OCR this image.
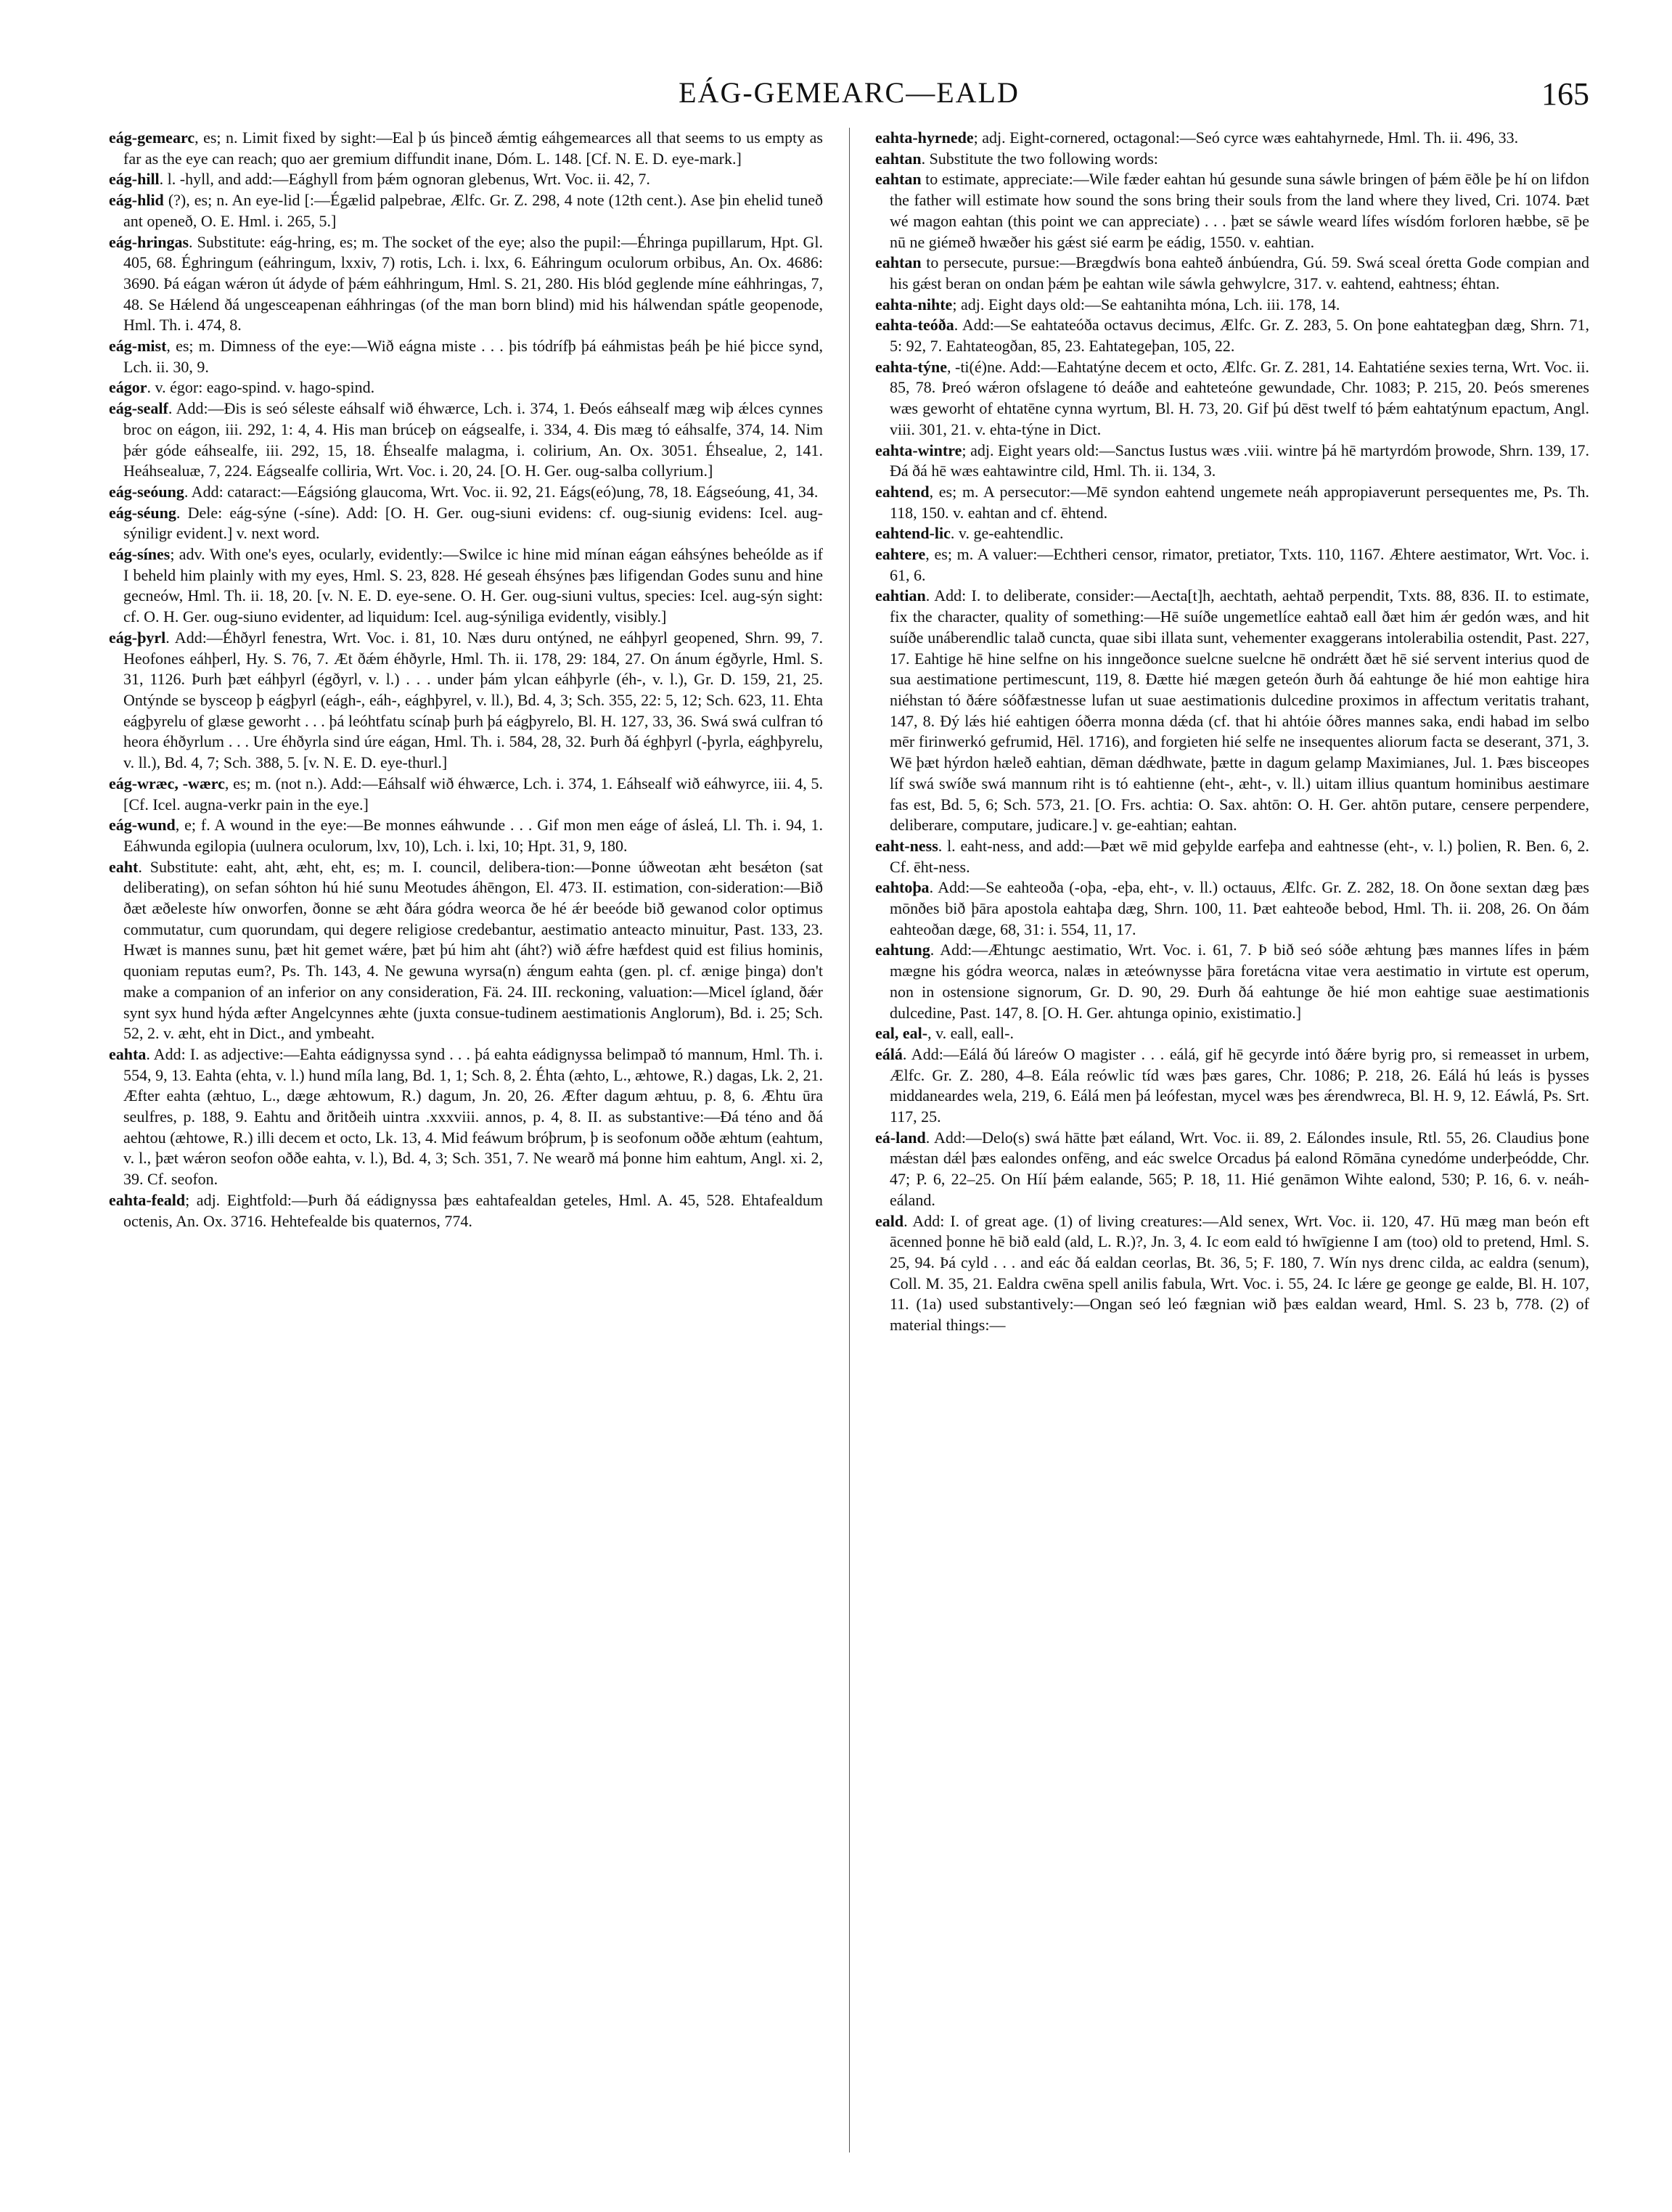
EÁG-GEMEARC—EALD	165

eág-gemearc, es; n. Limit fixed by sight:—Eal þ ús þinceð ǽmtig eáhgemearces all that seems to us empty as far as the eye can reach; quo aer gremium diffundit inane, Dóm. L. 148. [Cf. N. E. D. eye-mark.]

eág-hill. l. -hyll, and add:—Eághyll from þǽm ognoran glebenus, Wrt. Voc. ii. 42, 7.

eág-hlid (?), es; n. An eye-lid [:—Égælid palpebrae, Ælfc. Gr. Z. 298, 4 note (12th cent.). Ase þin ehelid tuneð ant openeð, O. E. Hml. i. 265, 5.]

eág-hringas. Substitute: eág-hring, es; m. The socket of the eye; also the pupil:—Éhringa pupillarum, Hpt. Gl. 405, 68. Éghringum (eáhringum, lxxiv, 7) rotis, Lch. i. lxx, 6. Eáhringum oculorum orbibus, An. Ox. 4686: 3690. Þá eágan wǽron út ádyde of þǽm eáhhringum, Hml. S. 21, 280. His blód geglende míne eáhhringas, 7, 48. Se Hǽlend ðá ungesceapenan eáhhringas (of the man born blind) mid his hálwendan spátle geopenode, Hml. Th. i. 474, 8.

eág-mist, es; m. Dimness of the eye:—Wið eágna miste . . . þis tódrífþ þá eáhmistas þeáh þe hié þicce synd, Lch. ii. 30, 9.

eágor. v. égor: eago-spind. v. hago-spind.

eág-sealf. Add:—Ðis is seó séleste eáhsalf wið éhwærce, Lch. i. 374, 1. Ðeós eáhsealf mæg wiþ ǽlces cynnes broc on eágon, iii. 292, 1: 4, 4. His man brúceþ on eágsealfe, i. 334, 4. Ðis mæg tó eáhsalfe, 374, 14. Nim þǽr góde eáhsealfe, iii. 292, 15, 18. Éhsealfe malagma, i. colirium, An. Ox. 3051. Éhsealue, 2, 141. Heáhsealuæ, 7, 224. Eágsealfe colliria, Wrt. Voc. i. 20, 24. [O. H. Ger. oug-salba collyrium.]

eág-seóung. Add: cataract:—Eágsióng glaucoma, Wrt. Voc. ii. 92, 21. Eágs(eó)ung, 78, 18. Eágseóung, 41, 34.

eág-séung. Dele: eág-sýne (-síne). Add: [O. H. Ger. oug-siuni evidens: cf. oug-siunig evidens: Icel. aug-sýniligr evident.] v. next word.

eág-sínes; adv. With one's eyes, ocularly, evidently:—Swilce ic hine mid mínan eágan eáhsýnes beheólde as if I beheld him plainly with my eyes, Hml. S. 23, 828. Hé geseah éhsýnes þæs lifigendan Godes sunu and hine gecneów, Hml. Th. ii. 18, 20. [v. N. E. D. eye-sene. O. H. Ger. oug-siuni vultus, species: Icel. aug-sýn sight: cf. O. H. Ger. oug-siuno evidenter, ad liquidum: Icel. aug-sýniliga evidently, visibly.]

eág-þyrl. Add:—Éhðyrl fenestra, Wrt. Voc. i. 81, 10. Næs duru ontýned, ne eáhþyrl geopened, Shrn. 99, 7. Heofones eáhþerl, Hy. S. 76, 7. Æt ðǽm éhðyrle, Hml. Th. ii. 178, 29: 184, 27. On ánum égðyrle, Hml. S. 31, 1126. Þurh þæt eáhþyrl (égðyrl, v. l.) . . . under þám ylcan eáhþyrle (éh-, v. l.), Gr. D. 159, 21, 25. Ontýnde se bysceop þ eágþyrl (eágh-, eáh-, eághþyrel, v. ll.), Bd. 4, 3; Sch. 355, 22: 5, 12; Sch. 623, 11. Ehta eágþyrelu of glæse geworht . . . þá leóhtfatu scínaþ þurh þá eágþyrelo, Bl. H. 127, 33, 36. Swá swá culfran tó heora éhðyrlum . . . Ure éhðyrla sind úre eágan, Hml. Th. i. 584, 28, 32. Þurh ðá éghþyrl (-þyrla, eághþyrelu, v. ll.), Bd. 4, 7; Sch. 388, 5. [v. N. E. D. eye-thurl.]

eág-wræc, -wærc, es; m. (not n.). Add:—Eáhsalf wið éhwærce, Lch. i. 374, 1. Eáhsealf wið eáhwyrce, iii. 4, 5. [Cf. Icel. augna-verkr pain in the eye.]

eág-wund, e; f. A wound in the eye:—Be monnes eáhwunde . . . Gif mon men eáge of ásleá, Ll. Th. i. 94, 1. Eáhwunda egilopia (uulnera oculorum, lxv, 10), Lch. i. lxi, 10; Hpt. 31, 9, 180.

eaht. Substitute: eaht, aht, æht, eht, es; m. I. council, delibera-tion:—Þonne úðweotan æht besǽton (sat deliberating), on sefan sóhton hú hié sunu Meotudes áhēngon, El. 473. II. estimation, con-sideration:—Bið ðæt æðeleste híw onworfen, ðonne se æht ðára gódra weorca ðe hé ǽr beeóde bið gewanod color optimus commutatur, cum quorundam, qui degere religiose credebantur, aestimatio anteacto minuitur, Past. 133, 23. Hwæt is mannes sunu, þæt hit gemet wǽre, þæt þú him aht (áht?) wið ǽfre hæfdest quid est filius hominis, quoniam reputas eum?, Ps. Th. 143, 4. Ne gewuna wyrsa(n) ǽngum eahta (gen. pl. cf. ænige þinga) don't make a companion of an inferior on any consideration, Fä. 24. III. reckoning, valuation:—Micel ígland, ðǽr synt syx hund hýda æfter Angelcynnes æhte (juxta consue-tudinem aestimationis Anglorum), Bd. i. 25; Sch. 52, 2. v. æht, eht in Dict., and ymbeaht.

eahta. Add: I. as adjective:—Eahta eádignyssa synd . . . þá eahta eádignyssa belimpað tó mannum, Hml. Th. i. 554, 9, 13. Eahta (ehta, v. l.) hund míla lang, Bd. 1, 1; Sch. 8, 2. Éhta (æhto, L., æhtowe, R.) dagas, Lk. 2, 21. Æfter eahta (æhtuo, L., dæge æhtowum, R.) dagum, Jn. 20, 26. Æfter dagum æhtuu, p. 8, 6. Æhtu ūra seulfres, p. 188, 9. Eahtu and ðritðeih uintra .xxxviii. annos, p. 4, 8. II. as substantive:—Ðá téno and ðá aehtou (æhtowe, R.) illi decem et octo, Lk. 13, 4. Mid feáwum bróþrum, þ is seofonum oððe æhtum (eahtum, v. l., þæt wǽron seofon oððe eahta, v. l.), Bd. 4, 3; Sch. 351, 7. Ne wearð má þonne him eahtum, Angl. xi. 2, 39. Cf. seofon.

eahta-feald; adj. Eightfold:—Þurh ðá eádignyssa þæs eahtafealdan geteles, Hml. A. 45, 528. Ehtafealdum octenis, An. Ox. 3716. Hehtefealde bis quaternos, 774.

eahta-hyrnede; adj. Eight-cornered, octagonal:—Seó cyrce wæs eahtahyrnede, Hml. Th. ii. 496, 33.

eahtan. Substitute the two following words:

eahtan to estimate, appreciate:—Wile fæder eahtan hú gesunde suna sáwle bringen of þǽm ēðle þe hí on lifdon the father will estimate how sound the sons bring their souls from the land where they lived, Cri. 1074. Þæt wé magon eahtan (this point we can appreciate) . . . þæt se sáwle weard lífes wísdóm forloren hæbbe, sē þe nū ne giémeð hwæðer his gǽst sié earm þe eádig, 1550. v. eahtian.

eahtan to persecute, pursue:—Brægdwís bona eahteð ánbúendra, Gú. 59. Swá sceal óretta Gode compian and his gǽst beran on ondan þǽm þe eahtan wile sáwla gehwylcre, 317. v. eahtend, eahtness; éhtan.

eahta-nihte; adj. Eight days old:—Se eahtanihta móna, Lch. iii. 178, 14.

eahta-teóða. Add:—Se eahtateóða octavus decimus, Ælfc. Gr. Z. 283, 5. On þone eahtategþan dæg, Shrn. 71, 5: 92, 7. Eahtateogðan, 85, 23. Eahtategeþan, 105, 22.

eahta-týne, -ti(é)ne. Add:—Eahtatýne decem et octo, Ælfc. Gr. Z. 281, 14. Eahtatiéne sexies terna, Wrt. Voc. ii. 85, 78. Þreó wǽron ofslagene tó deáðe and eahteteóne gewundade, Chr. 1083; P. 215, 20. Þeós smerenes wæs geworht of ehtatēne cynna wyrtum, Bl. H. 73, 20. Gif þú dēst twelf tó þǽm eahtatýnum epactum, Angl. viii. 301, 21. v. ehta-týne in Dict.

eahta-wintre; adj. Eight years old:—Sanctus Iustus wæs .viii. wintre þá hē martyrdóm þrowode, Shrn. 139, 17. Ðá ðá hē wæs eahtawintre cild, Hml. Th. ii. 134, 3.

eahtend, es; m. A persecutor:—Mē syndon eahtend ungemete neáh appropiaverunt persequentes me, Ps. Th. 118, 150. v. eahtan and cf. ēhtend.

eahtend-lic. v. ge-eahtendlic.

eahtere, es; m. A valuer:—Echtheri censor, rimator, pretiator, Txts. 110, 1167. Æhtere aestimator, Wrt. Voc. i. 61, 6.

eahtian. Add: I. to deliberate, consider:—Aecta[t]h, aechtath, aehtað perpendit, Txts. 88, 836. II. to estimate, fix the character, quality of something:—Hē suíðe ungemetlíce eahtað eall ðæt him ǽr gedón wæs, and hit suíðe unáberendlic talað cuncta, quae sibi illata sunt, vehementer exaggerans intolerabilia ostendit, Past. 227, 17. Eahtige hē hine selfne on his inngeðonce suelcne suelcne hē ondrǽtt ðæt hē sié servent interius quod de sua aestimatione pertimescunt, 119, 8. Ðætte hié mægen geteón ðurh ðá eahtunge ðe hié mon eahtige hira niéhstan tó ðǽre sóðfæstnesse lufan ut suae aestimationis dulcedine proximos in affectum veritatis trahant, 147, 8. Ðý lǽs hié eahtigen óðerra monna dǽda (cf. that hi ahtóie óðres mannes saka, endi habad im selbo mēr firinwerkó gefrumid, Hēl. 1716), and forgieten hié selfe ne insequentes aliorum facta se deserant, 371, 3. Wē þæt hýrdon hæleð eahtian, dēman dǽdhwate, þætte in dagum gelamp Maximianes, Jul. 1. Þæs bisceopes líf swá swíðe swá mannum riht is tó eahtienne (eht-, æht-, v. ll.) uitam illius quantum hominibus aestimare fas est, Bd. 5, 6; Sch. 573, 21. [O. Frs. achtia: O. Sax. ahtōn: O. H. Ger. ahtōn putare, censere perpendere, deliberare, computare, judicare.] v. ge-eahtian; eahtan.

eaht-ness. l. eaht-ness, and add:—Þæt wē mid geþylde earfeþa and eahtnesse (eht-, v. l.) þolien, R. Ben. 6, 2. Cf. ēht-ness.

eahtoþa. Add:—Se eahteoða (-oþa, -eþa, eht-, v. ll.) octauus, Ælfc. Gr. Z. 282, 18. On ðone sextan dæg þæs mōnðes bið þāra apostola eahtaþa dæg, Shrn. 100, 11. Þæt eahteoðe bebod, Hml. Th. ii. 208, 26. On ðám eahteoðan dæge, 68, 31: i. 554, 11, 17.

eahtung. Add:—Æhtungc aestimatio, Wrt. Voc. i. 61, 7. Þ bið seó sóðe æhtung þæs mannes lífes in þǽm mægne his gódra weorca, nalæs in æteównysse þāra foretácna vitae vera aestimatio in virtute est operum, non in ostensione signorum, Gr. D. 90, 29. Ðurh ðá eahtunge ðe hié mon eahtige suae aestimationis dulcedine, Past. 147, 8. [O. H. Ger. ahtunga opinio, existimatio.]

eal, eal-, v. eall, eall-.

eálá. Add:—Eálá ðú láreów O magister . . . eálá, gif hē gecyrde intó ðǽre byrig pro, si remeasset in urbem, Ælfc. Gr. Z. 280, 4–8. Eála reówlic tíd wæs þæs gares, Chr. 1086; P. 218, 26. Eálá hú leás is þysses middaneardes wela, 219, 6. Eálá men þá leófestan, mycel wæs þes ǽrendwreca, Bl. H. 9, 12. Eáwlá, Ps. Srt. 117, 25.

eá-land. Add:—Delo(s) swá hātte þæt eáland, Wrt. Voc. ii. 89, 2. Eálondes insule, Rtl. 55, 26. Claudius þone mǽstan dǽl þæs ealondes onfēng, and eác swelce Orcadus þá ealond Rōmāna cynedóme underþeódde, Chr. 47; P. 6, 22–25. On Híí þǽm ealande, 565; P. 18, 11. Hié genāmon Wihte ealond, 530; P. 16, 6. v. neáh-eáland.

eald. Add: I. of great age. (1) of living creatures:—Ald senex, Wrt. Voc. ii. 120, 47. Hū mæg man beón eft ācenned þonne hē bið eald (ald, L. R.)?, Jn. 3, 4. Ic eom eald tó hwīgienne I am (too) old to pretend, Hml. S. 25, 94. Þá cyld . . . and eác ðá ealdan ceorlas, Bt. 36, 5; F. 180, 7. Wín nys drenc cilda, ac ealdra (senum), Coll. M. 35, 21. Ealdra cwēna spell anilis fabula, Wrt. Voc. i. 55, 24. Ic lǽre ge geonge ge ealde, Bl. H. 107, 11. (1a) used substantively:—Ongan seó leó fægnian wið þæs ealdan weard, Hml. S. 23 b, 778. (2) of material things:—
